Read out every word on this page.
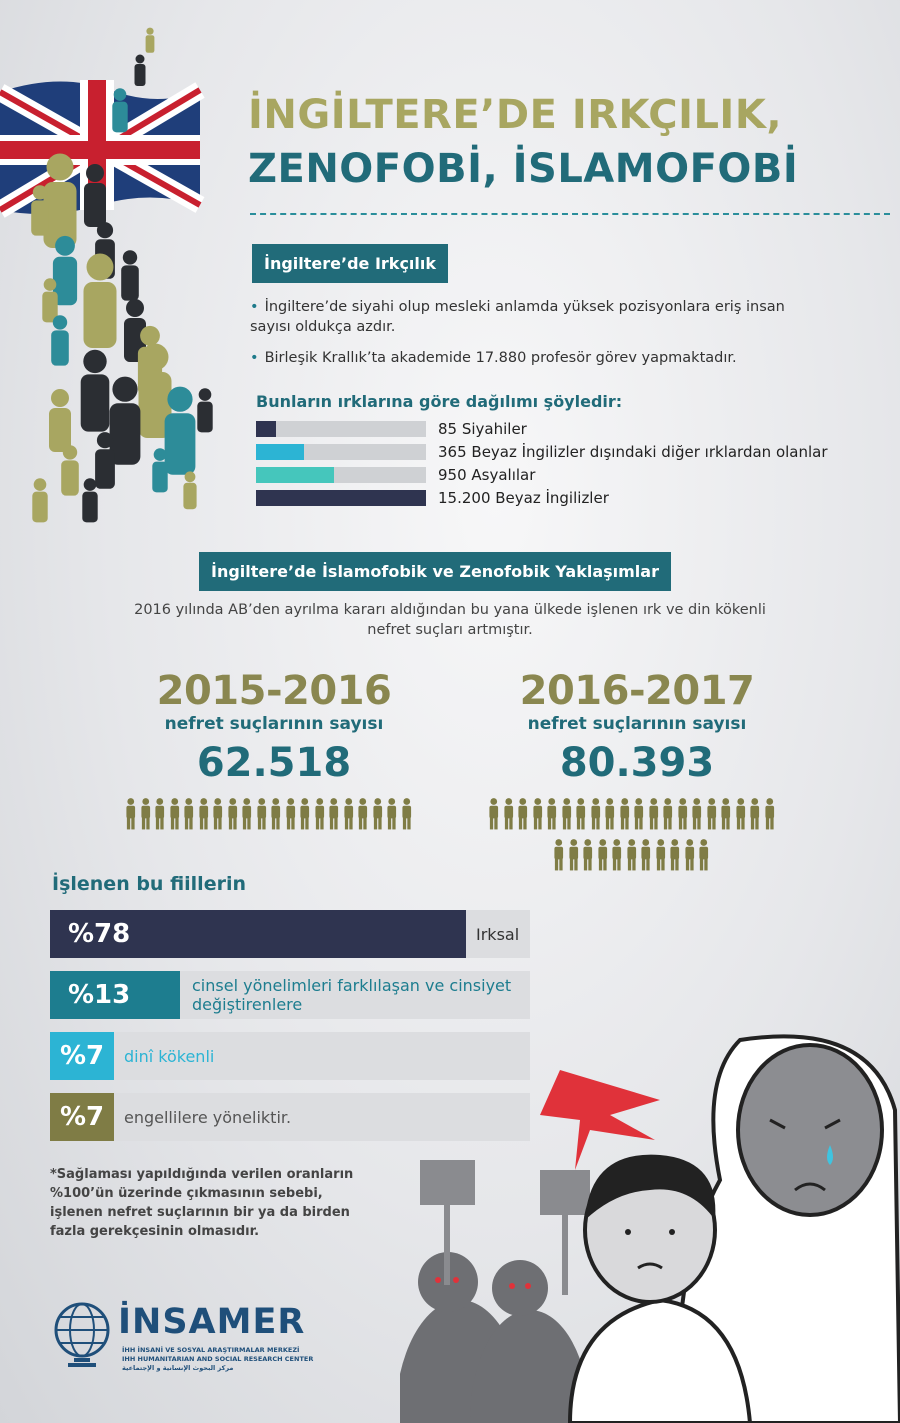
İNGİLTERE’DE IRKÇILIK,
ZENOFOBİ, İSLAMOFOBİ
İngiltere’de Irkçılık
• İngiltere’de siyahi olup mesleki anlamda yüksek pozisyonlara eriş insan sayısı oldukça azdır.
• Birleşik Krallık’ta akademide 17.880 profesör görev yapmaktadır.
Bunların ırklarına göre dağılımı şöyledir:
85 Siyahiler
365 Beyaz İngilizler dışındaki diğer ırklardan olanlar
950 Asyalılar
15.200 Beyaz İngilizler
İngiltere’de İslamofobik ve Zenofobik Yaklaşımlar
2016 yılında AB’den ayrılma kararı aldığından bu yana ülkede işlenen ırk ve din kökenli nefret suçları artmıştır.
2015-2016
nefret suçlarının sayısı
62.518
2016-2017
nefret suçlarının sayısı
80.393
İşlenen bu fiillerin
%78	Irksal
%13	cinsel yönelimleri farklılaşan ve cinsiyet değiştirenlere
%7	dinî kökenli
%7	engellilere yöneliktir.
*Sağlaması yapıldığında verilen oranların %100’ün üzerinde çıkmasının sebebi, işlenen nefret suçlarının bir ya da birden fazla gerekçesinin olmasıdır.
İNSAMER
İHH İNSANİ VE SOSYAL ARAŞTIRMALAR MERKEZİ
IHH HUMANITARIAN AND SOCIAL RESEARCH CENTER
مركز البحوث الإنسانية و الإجتماعية
